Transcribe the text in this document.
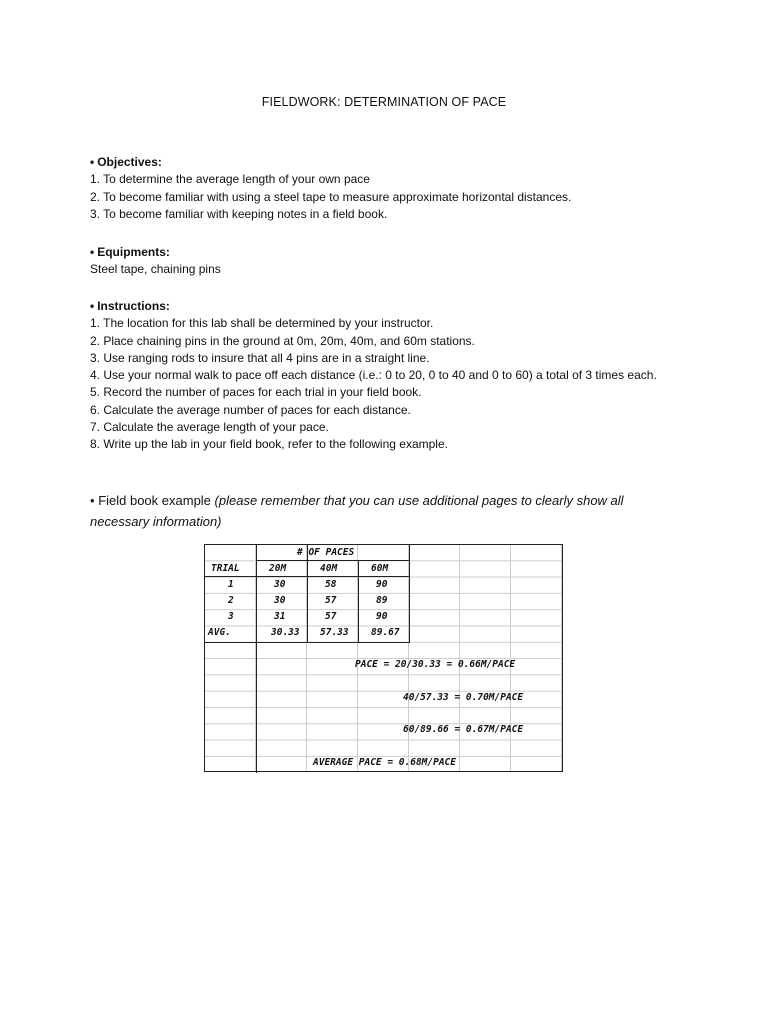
FIELDWORK: DETERMINATION OF PACE
• Objectives:
1. To determine the average length of your own pace
2. To become familiar with using a steel tape to measure approximate horizontal distances.
3. To become familiar with keeping notes in a field book.
• Equipments:
Steel tape, chaining pins
• Instructions:
1. The location for this lab shall be determined by your instructor.
2. Place chaining pins in the ground at 0m, 20m, 40m, and 60m stations.
3. Use ranging rods to insure that all 4 pins are in a straight line.
4. Use your normal walk to pace off each distance (i.e.: 0 to 20, 0 to 40 and 0 to 60) a total of 3 times each.
5. Record the number of paces for each trial in your field book.
6. Calculate the average number of paces for each distance.
7. Calculate the average length of your pace.
8. Write up the lab in your field book, refer to the following example.
• Field book example (please remember that you can use additional pages to clearly show all necessary information)
# OF PACES
TRIAL	20M	40M	60M
1	30	58	90
2	30	57	89
3	31	57	90
AVG.	30.33 57.33 89.67
PACE = 20/30.33 = 0.66M/PACE
40/57.33 = 0.70M/PACE
60/89.66 = 0.67M/PACE
AVERAGE PACE = 0.68M/PACE
